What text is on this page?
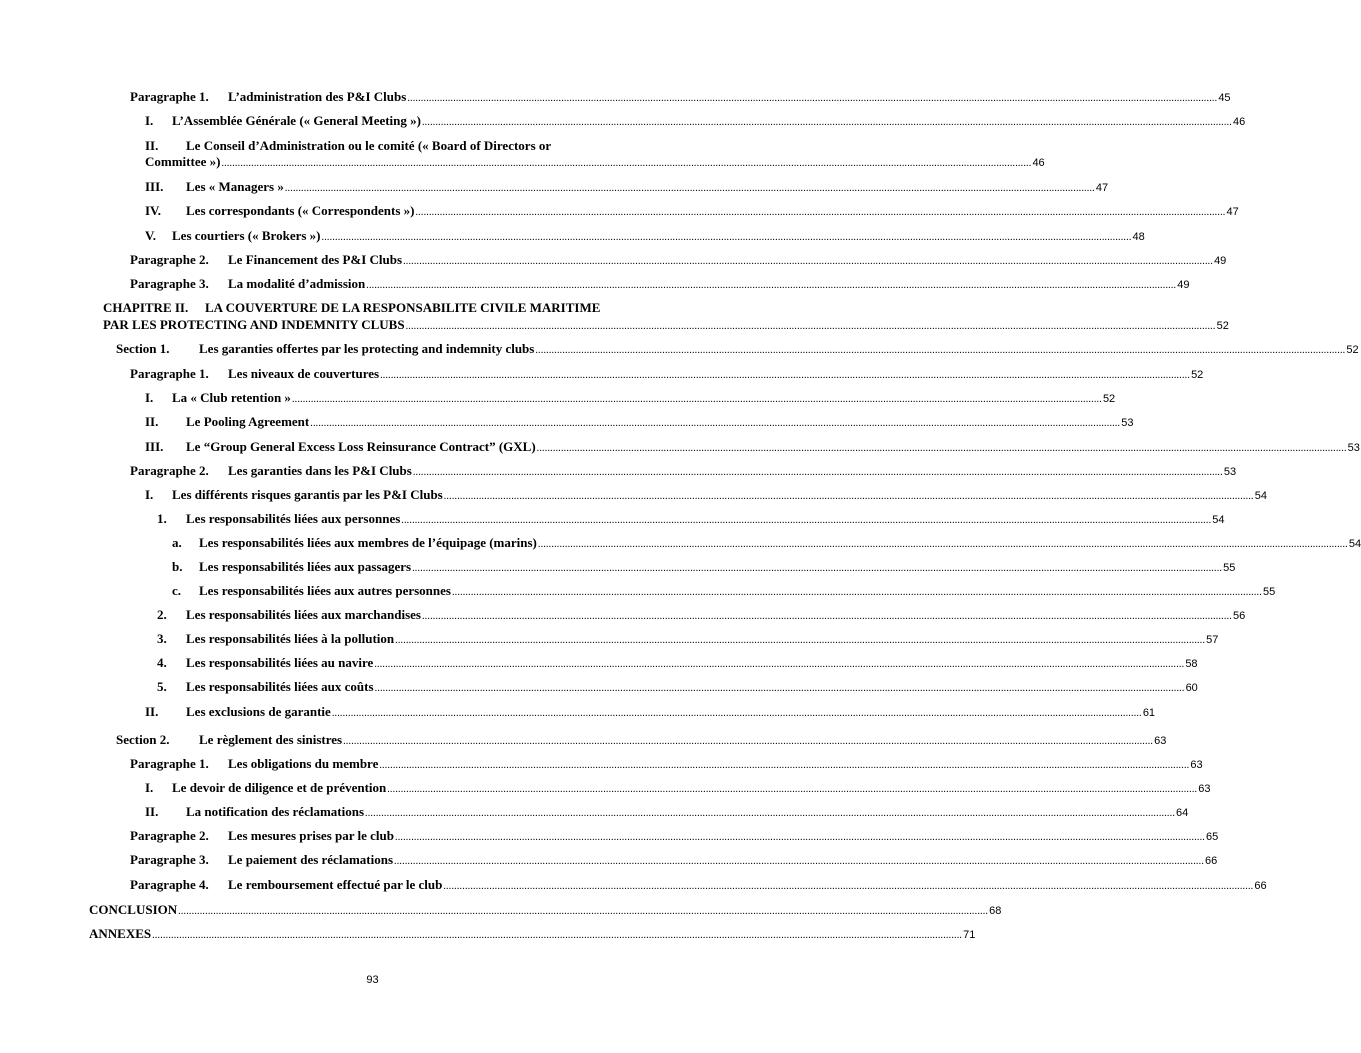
Paragraphe 1. L’administration des P&I Clubs ............................................................................................................................................................................................................................................................................................................ 45
I. L’Assemblée Générale (« General Meeting ») ............................................................................................................................................................................................................................................................................................................ 46
II. Le Conseil d’Administration ou le comité (« Board of Directors or
Committee ») ............................................................................................................................................................................................................................................................................................................ 46
III. Les « Managers » ............................................................................................................................................................................................................................................................................................................ 47
IV. Les correspondants (« Correspondents ») ............................................................................................................................................................................................................................................................................................................ 47
V. Les courtiers (« Brokers ») ............................................................................................................................................................................................................................................................................................................ 48
Paragraphe 2. Le Financement des P&I Clubs ............................................................................................................................................................................................................................................................................................................ 49
Paragraphe 3. La modalité d’admission ............................................................................................................................................................................................................................................................................................................ 49
CHAPITRE II. LA COUVERTURE DE LA RESPONSABILITE CIVILE MARITIME
PAR LES PROTECTING AND INDEMNITY CLUBS ............................................................................................................................................................................................................................................................................................................ 52
Section 1. Les garanties offertes par les protecting and indemnity clubs ............................................................................................................................................................................................................................................................................................................ 52
Paragraphe 1. Les niveaux de couvertures ............................................................................................................................................................................................................................................................................................................ 52
I. La « Club retention » ............................................................................................................................................................................................................................................................................................................ 52
II. Le Pooling Agreement ............................................................................................................................................................................................................................................................................................................ 53
III. Le “Group General Excess Loss Reinsurance Contract” (GXL) ............................................................................................................................................................................................................................................................................................................ 53
Paragraphe 2. Les garanties dans les P&I Clubs ............................................................................................................................................................................................................................................................................................................ 53
I. Les différents risques garantis par les P&I Clubs ............................................................................................................................................................................................................................................................................................................ 54
1. Les responsabilités liées aux personnes ............................................................................................................................................................................................................................................................................................................ 54
a. Les responsabilités liées aux membres de l’équipage (marins) ............................................................................................................................................................................................................................................................................................................ 54
b. Les responsabilités liées aux passagers ............................................................................................................................................................................................................................................................................................................ 55
c. Les responsabilités liées aux autres personnes ............................................................................................................................................................................................................................................................................................................ 55
2. Les responsabilités liées aux marchandises ............................................................................................................................................................................................................................................................................................................ 56
3. Les responsabilités liées à la pollution ............................................................................................................................................................................................................................................................................................................ 57
4. Les responsabilités liées au navire ............................................................................................................................................................................................................................................................................................................ 58
5. Les responsabilités liées aux coûts ............................................................................................................................................................................................................................................................................................................ 60
II. Les exclusions de garantie ............................................................................................................................................................................................................................................................................................................ 61
Section 2. Le règlement des sinistres ............................................................................................................................................................................................................................................................................................................ 63
Paragraphe 1. Les obligations du membre ............................................................................................................................................................................................................................................................................................................ 63
I. Le devoir de diligence et de prévention ............................................................................................................................................................................................................................................................................................................ 63
II. La notification des réclamations ............................................................................................................................................................................................................................................................................................................ 64
Paragraphe 2. Les mesures prises par le club ............................................................................................................................................................................................................................................................................................................ 65
Paragraphe 3. Le paiement des réclamations ............................................................................................................................................................................................................................................................................................................ 66
Paragraphe 4. Le remboursement effectué par le club ............................................................................................................................................................................................................................................................................................................ 66
CONCLUSION ............................................................................................................................................................................................................................................................................................................ 68
ANNEXES ............................................................................................................................................................................................................................................................................................................ 71
93
